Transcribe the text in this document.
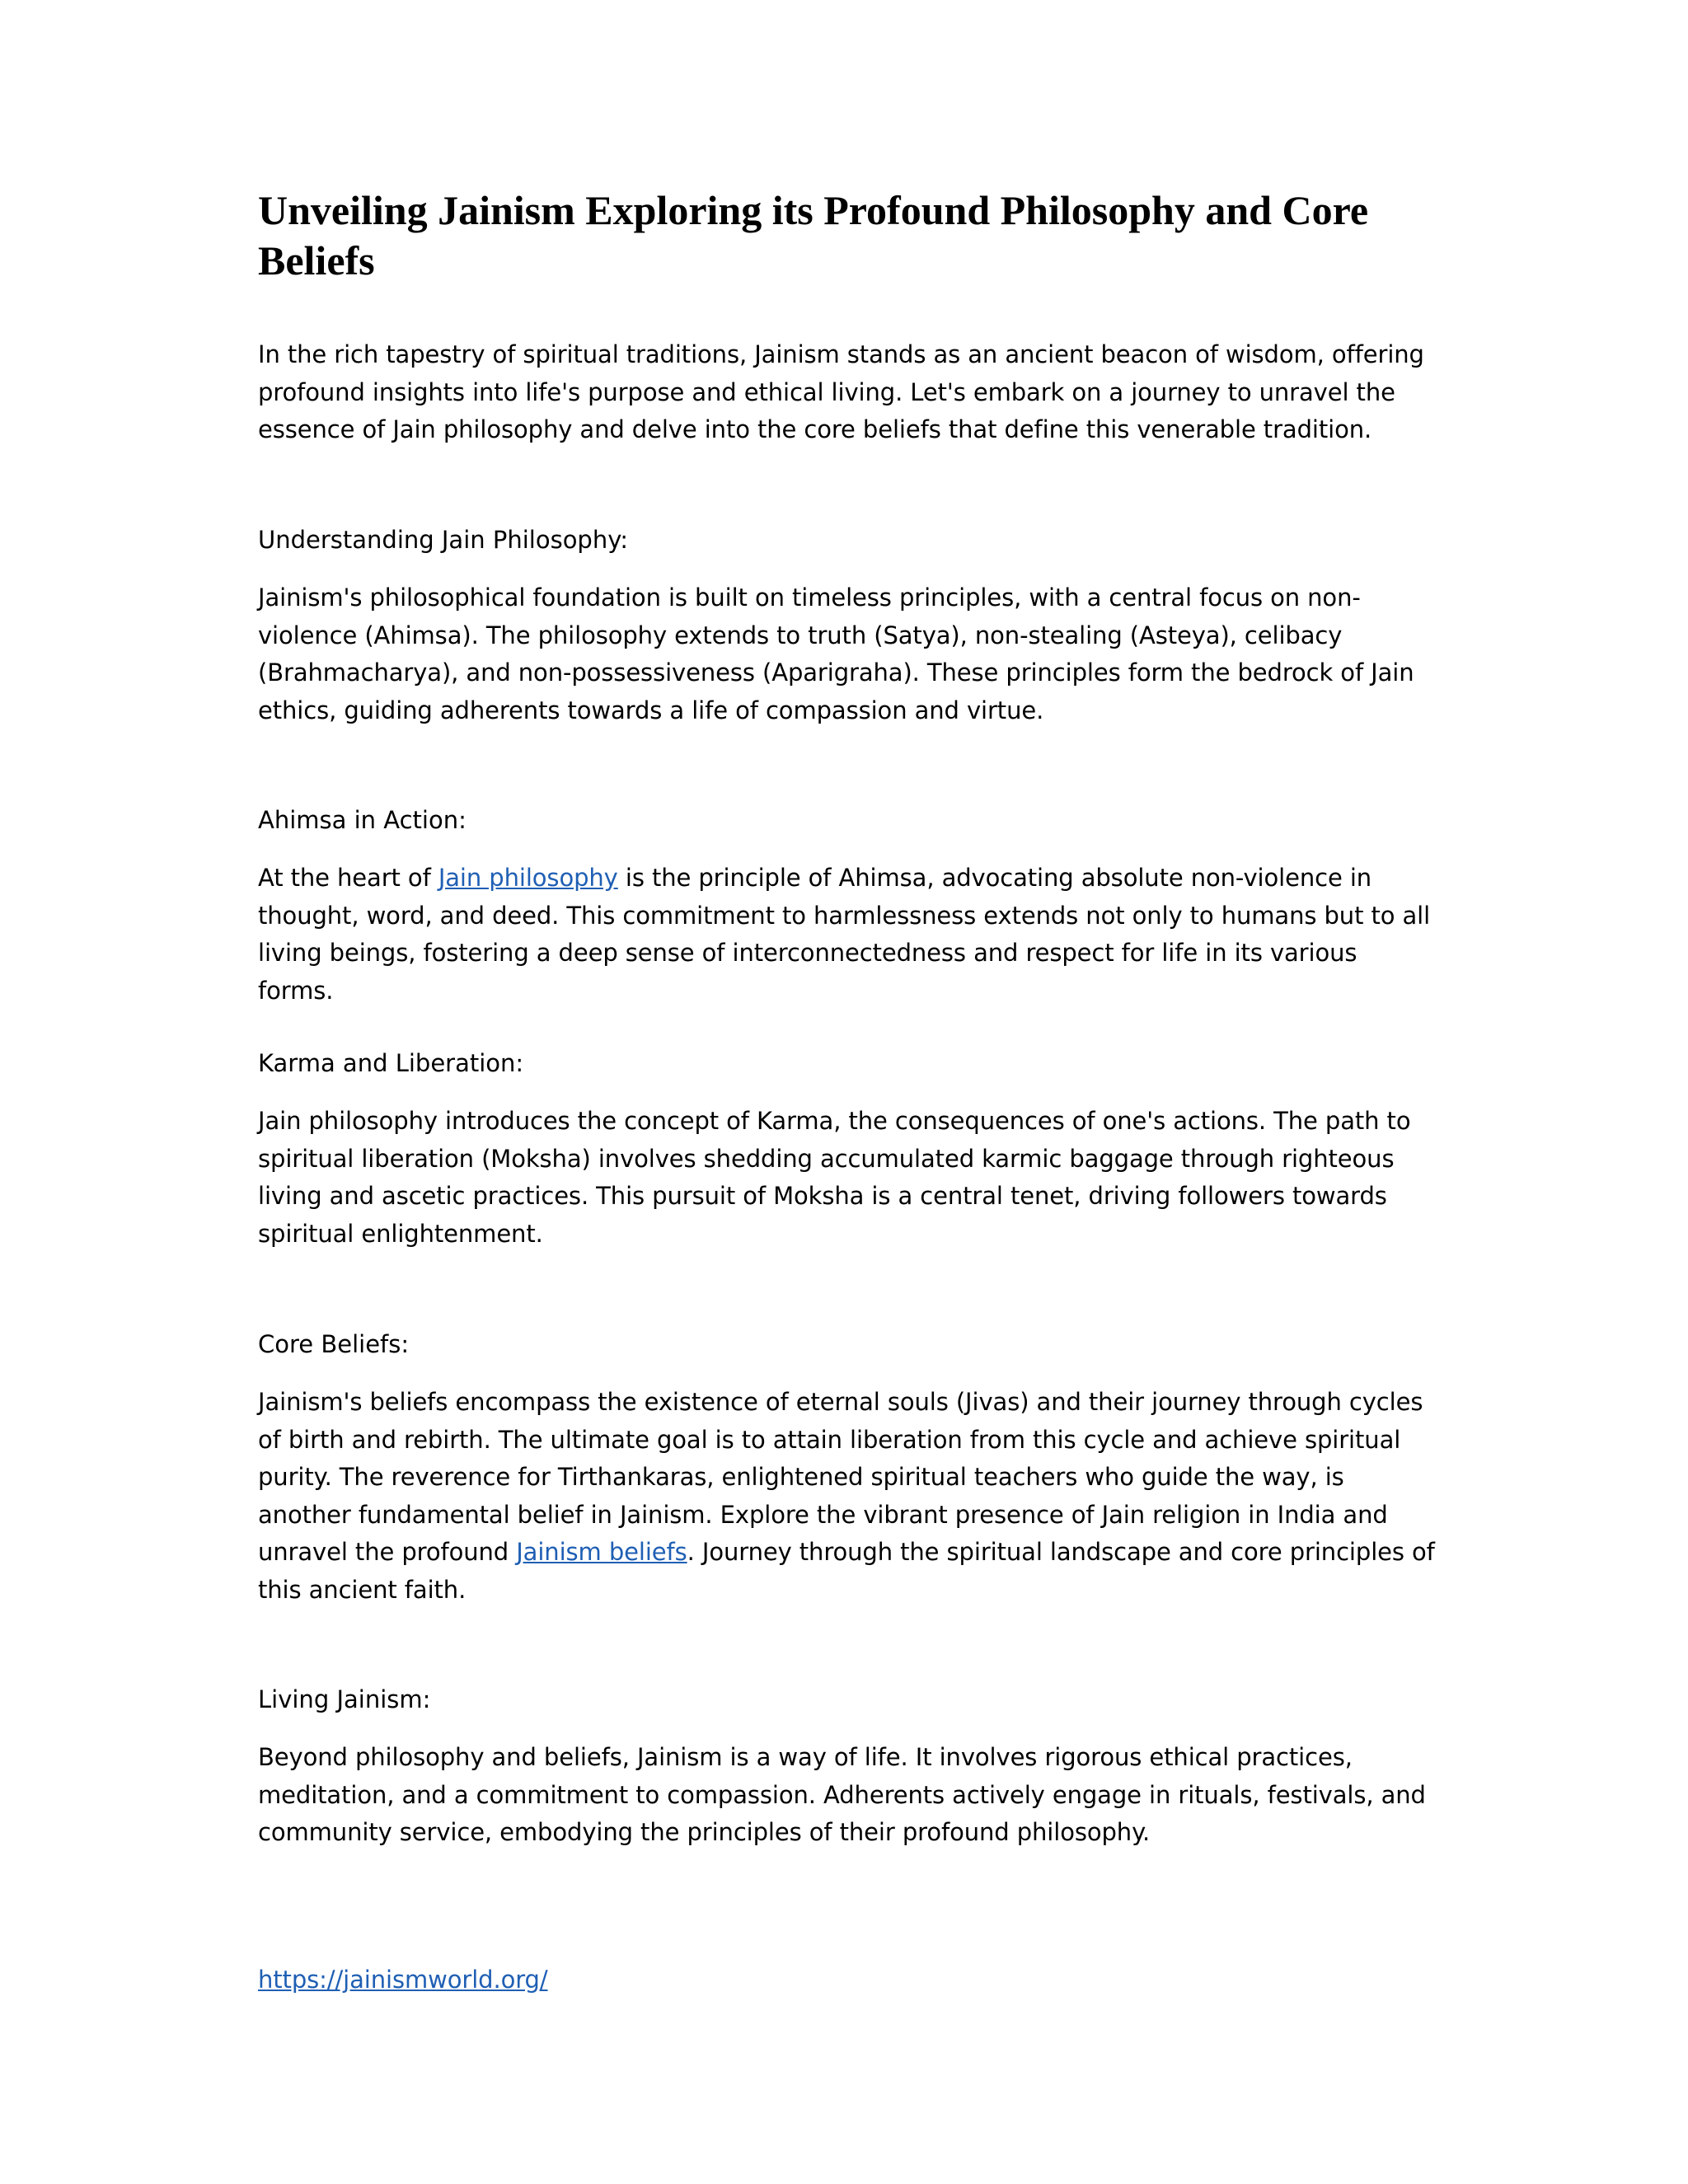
Unveiling Jainism Exploring its Profound Philosophy and Core Beliefs

In the rich tapestry of spiritual traditions, Jainism stands as an ancient beacon of wisdom, offering profound insights into life's purpose and ethical living. Let's embark on a journey to unravel the essence of Jain philosophy and delve into the core beliefs that define this venerable tradition.

Understanding Jain Philosophy:

Jainism's philosophical foundation is built on timeless principles, with a central focus on non-violence (Ahimsa). The philosophy extends to truth (Satya), non-stealing (Asteya), celibacy (Brahmacharya), and non-possessiveness (Aparigraha). These principles form the bedrock of Jain ethics, guiding adherents towards a life of compassion and virtue.

Ahimsa in Action:

At the heart of Jain philosophy is the principle of Ahimsa, advocating absolute non-violence in thought, word, and deed. This commitment to harmlessness extends not only to humans but to all living beings, fostering a deep sense of interconnectedness and respect for life in its various forms.

Karma and Liberation:

Jain philosophy introduces the concept of Karma, the consequences of one's actions. The path to spiritual liberation (Moksha) involves shedding accumulated karmic baggage through righteous living and ascetic practices. This pursuit of Moksha is a central tenet, driving followers towards spiritual enlightenment.

Core Beliefs:

Jainism's beliefs encompass the existence of eternal souls (Jivas) and their journey through cycles of birth and rebirth. The ultimate goal is to attain liberation from this cycle and achieve spiritual purity. The reverence for Tirthankaras, enlightened spiritual teachers who guide the way, is another fundamental belief in Jainism. Explore the vibrant presence of Jain religion in India and unravel the profound Jainism beliefs. Journey through the spiritual landscape and core principles of this ancient faith.

Living Jainism:

Beyond philosophy and beliefs, Jainism is a way of life. It involves rigorous ethical practices, meditation, and a commitment to compassion. Adherents actively engage in rituals, festivals, and community service, embodying the principles of their profound philosophy.

https://jainismworld.org/
